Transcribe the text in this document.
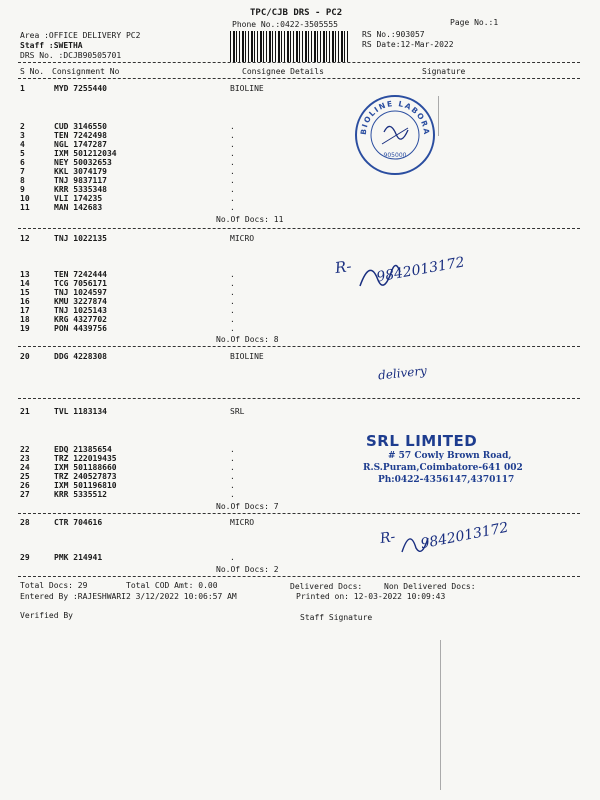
TPC/CJB DRS - PC2
Phone No.:0422-3505555	Page No.:1
RS No.:903057
RS Date:12-Mar-2022
Area :OFFICE DELIVERY PC2
Staff :SWETHA
DRS No. :DCJB90505701
S No. Consignment No	Consignee Details	Signature
1	MYD 7255440	BIOLINE
2	CUD 3146550	.
3	TEN 7242498	.
4	NGL 1747287	.
5	IXM 501212034	.
6	NEY 50032653	.
7	KKL 3074179	.
8	TNJ 9837117	.
9	KRR 5335348	.
10	VLI 174235	.
11	MAN 142683	.
No.Of Docs: 11
12	TNJ 1022135	MICRO
13	TEN 7242444	.
14	TCG 7056171	.
15	TNJ 1024597	.
16	KMU 3227874	.
17	TNJ 1025143	.
18	KRG 4327702	.
19	PON 4439756	.
No.Of Docs: 8
20	DDG 4228308	BIOLINE
21	TVL 1183134	SRL
22	EDQ 21385654	.
23	TRZ 122019435	.
24	IXM 501188660	.
25	TRZ 240527873	.
26	IXM 501196810	.
27	KRR 5335512	.
No.Of Docs: 7
28	CTR 704616	MICRO
29	PMK 214941	.
No.Of Docs: 2
Total Docs: 29	Total COD Amt: 0.00	Delivered Docs:	Non Delivered Docs:
Entered By :RAJESHWARI2 3/12/2022 10:06:57 AM	Printed on: 12-03-2022 10:09:43
Verified By	Staff Signature
BIOLINE LABORA
905000
R- 9842013172
delivery
SRL LIMITED
# 57 Cowly Brown Road,
R.S.Puram,Coimbatore-641 002
Ph:0422-4356147,4370117
R- 9842013172
